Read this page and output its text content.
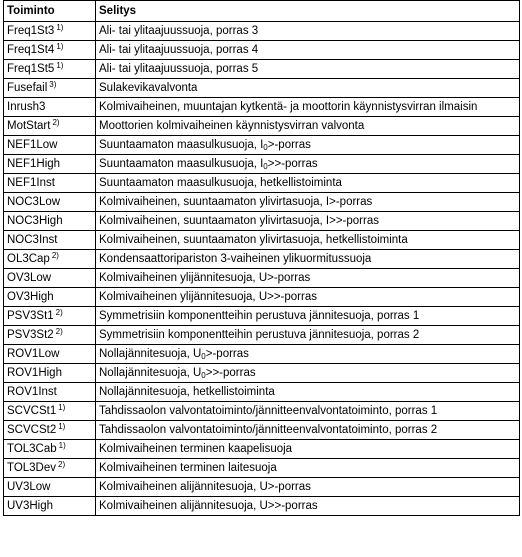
Toiminto	Selitys
Freq1St3 $^{1)}$	Ali- tai ylitaajuussuoja, porras 3
Freq1St4 $^{1)}$	Ali- tai ylitaajuussuoja, porras 4
Freq1St5 $^{1)}$	Ali- tai ylitaajuussuoja, porras 5
Fusefail $^{3)}$	Sulakevikavalvonta
Inrush3	Kolmivaiheinen, muuntajan kytkentä- ja moottorin käynnistysvirran ilmaisin
MotStart $^{2)}$	Moottorien kolmivaiheinen käynnistysvirran valvonta
NEF1Low	Suuntaamaton maasulkusuoja, $I_0>$-porras
NEF1High	Suuntaamaton maasulkusuoja, $I_0>>$-porras
NEF1Inst	Suuntaamaton maasulkusuoja, hetkellistoiminta
NOC3Low	Kolmivaiheinen, suuntaamaton ylivirtasuoja, I>-porras
NOC3High	Kolmivaiheinen, suuntaamaton ylivirtasuoja, I>>-porras
NOC3Inst	Kolmivaiheinen, suuntaamaton ylivirtasuoja, hetkellistoiminta
OL3Cap $^{2)}$	Kondensaattoripariston 3-vaiheinen ylikuormitussuoja
OV3Low	Kolmivaiheinen ylijännitesuoja, U>-porras
OV3High	Kolmivaiheinen ylijännitesuoja, U>>-porras
PSV3St1 $^{2)}$	Symmetrisiin komponentteihin perustuva jännitesuoja, porras 1
PSV3St2 $^{2)}$	Symmetrisiin komponentteihin perustuva jännitesuoja, porras 2
ROV1Low	Nollajännitesuoja, $U_0>$-porras
ROV1High	Nollajännitesuoja, $U_0>>$-porras
ROV1Inst	Nollajännitesuoja, hetkellistoiminta
SCVCSt1 $^{1)}$	Tahdissaolon valvontatoiminto/jännitteenvalvontatoiminto, porras 1
SCVCSt2 $^{1)}$	Tahdissaolon valvontatoiminto/jännitteenvalvontatoiminto, porras 2
TOL3Cab $^{1)}$	Kolmivaiheinen terminen kaapelisuoja
TOL3Dev $^{2)}$	Kolmivaiheinen terminen laitesuoja
UV3Low	Kolmivaiheinen alijännitesuoja, U>-porras
UV3High	Kolmivaiheinen alijännitesuoja, U>>-porras
